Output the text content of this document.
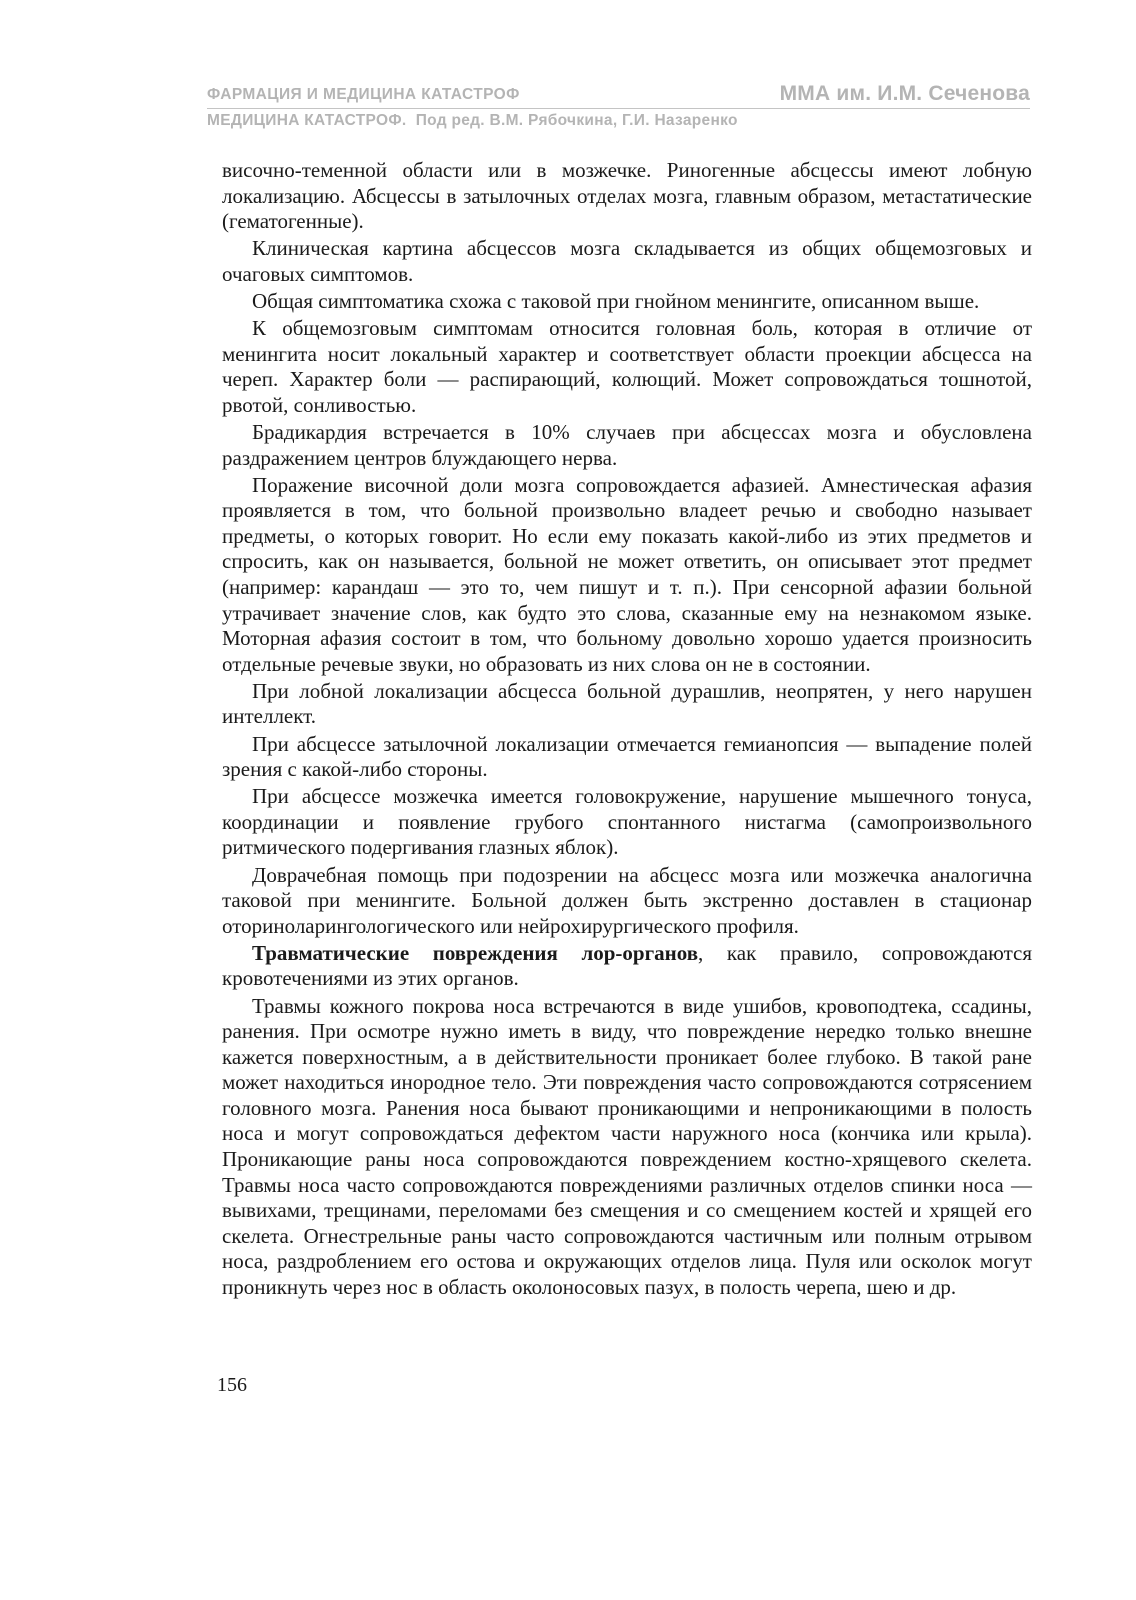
ФАРМАЦИЯ И МЕДИЦИНА КАТАСТРОФ	ММА им. И.М. Сеченова
МЕДИЦИНА КАТАСТРОФ. Под ред. В.М. Рябочкина, Г.И. Назаренко

височно-теменной области или в мозжечке. Риногенные абсцессы имеют лобную локализацию. Абсцессы в затылочных отделах мозга, главным образом, метастатические (гематогенные).

Клиническая картина абсцессов мозга складывается из общих общемозговых и очаговых симптомов.

Общая симптоматика схожа с таковой при гнойном менингите, описанном выше.

К общемозговым симптомам относится головная боль, которая в отличие от менингита носит локальный характер и соответствует области проекции абсцесса на череп. Характер боли — распирающий, колющий. Может сопровождаться тошнотой, рвотой, сонливостью.

Брадикардия встречается в 10% случаев при абсцессах мозга и обусловлена раздражением центров блуждающего нерва.

Поражение височной доли мозга сопровождается афазией. Амнестическая афазия проявляется в том, что больной произвольно владеет речью и свободно называет предметы, о которых говорит. Но если ему показать какой-либо из этих предметов и спросить, как он называется, больной не может ответить, он описывает этот предмет (например: карандаш — это то, чем пишут и т. п.). При сенсорной афазии больной утрачивает значение слов, как будто это слова, сказанные ему на незнакомом языке. Моторная афазия состоит в том, что больному довольно хорошо удается произносить отдельные речевые звуки, но образовать из них слова он не в состоянии.

При лобной локализации абсцесса больной дурашлив, неопрятен, у него нарушен интеллект.

При абсцессе затылочной локализации отмечается гемианопсия — выпадение полей зрения с какой-либо стороны.

При абсцессе мозжечка имеется головокружение, нарушение мышечного тонуса, координации и появление грубого спонтанного нистагма (самопроизвольного ритмического подергивания глазных яблок).

Доврачебная помощь при подозрении на абсцесс мозга или мозжечка аналогична таковой при менингите. Больной должен быть экстренно доставлен в стационар оториноларингологического или нейрохирургического профиля.

Травматические повреждения лор-органов, как правило, сопровождаются кровотечениями из этих органов.

Травмы кожного покрова носа встречаются в виде ушибов, кровоподтека, ссадины, ранения. При осмотре нужно иметь в виду, что повреждение нередко только внешне кажется поверхностным, а в действительности проникает более глубоко. В такой ране может находиться инородное тело. Эти повреждения часто сопровождаются сотрясением головного мозга. Ранения носа бывают проникающими и непроникающими в полость носа и могут сопровождаться дефектом части наружного носа (кончика или крыла). Проникающие раны носа сопровождаются повреждением костно-хрящевого скелета. Травмы носа часто сопровождаются повреждениями различных отделов спинки носа — вывихами, трещинами, переломами без смещения и со смещением костей и хрящей его скелета. Огнестрельные раны часто сопровождаются частичным или полным отрывом носа, раздроблением его остова и окружающих отделов лица. Пуля или осколок могут проникнуть через нос в область околоносовых пазух, в полость черепа, шею и др.

156
